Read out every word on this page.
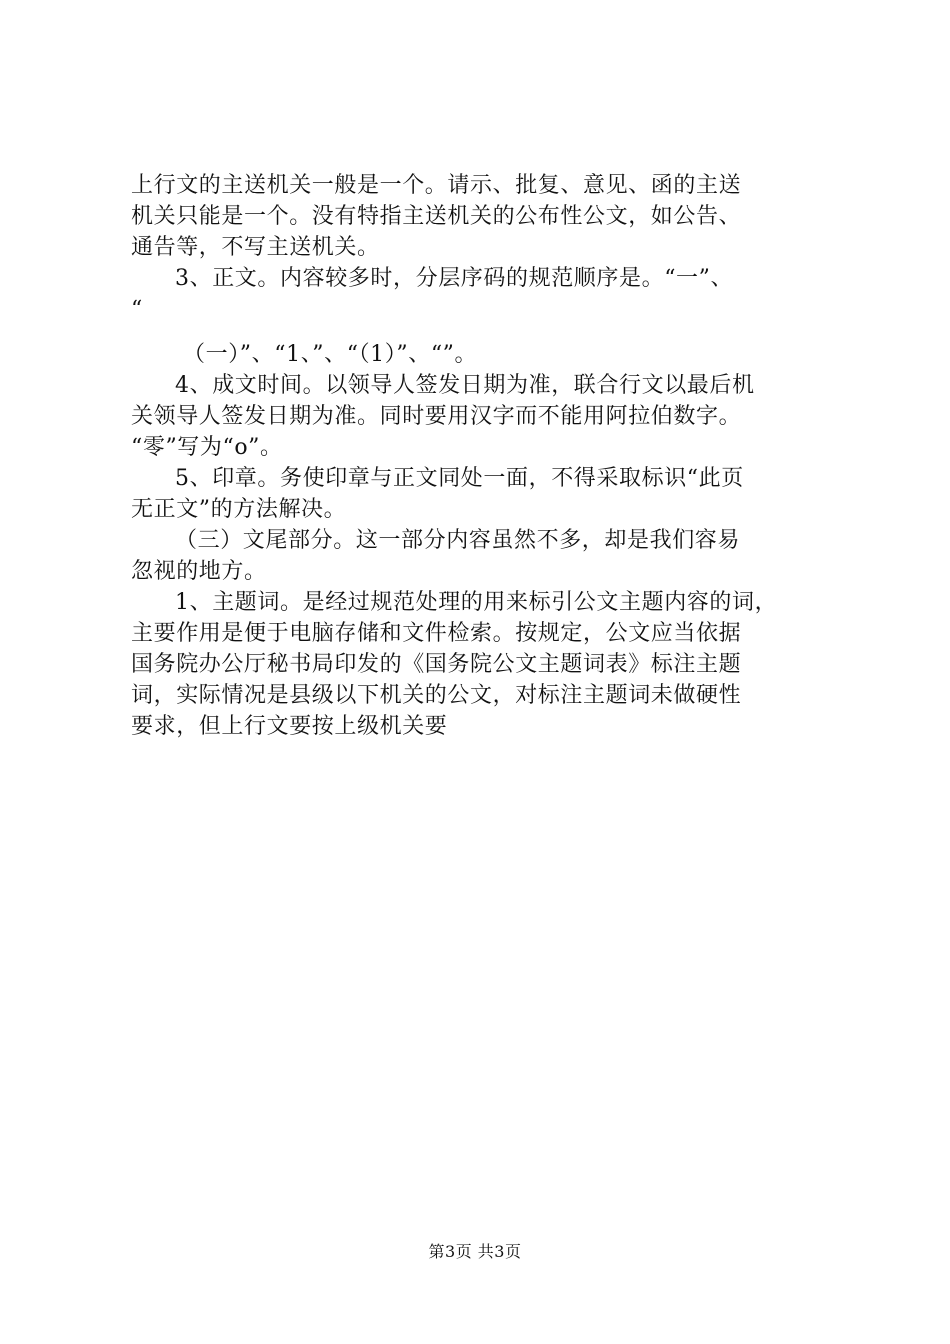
上行文的主送机关一般是一个。请示、批复、意见、函的主送
机关只能是一个。没有特指主送机关的公布性公文，如公告、
通告等，不写主送机关。
3、正文。内容较多时，分层序码的规范顺序是。“一”、
“
（一）”、“1、”、“（1）”、“”。
4、成文时间。以领导人签发日期为准，联合行文以最后机
关领导人签发日期为准。同时要用汉字而不能用阿拉伯数字。
“零”写为“o”。
5、印章。务使印章与正文同处一面，不得采取标识“此页
无正文”的方法解决。
（三）文尾部分。这一部分内容虽然不多，却是我们容易
忽视的地方。
1、主题词。是经过规范处理的用来标引公文主题内容的词，
主要作用是便于电脑存储和文件检索。按规定，公文应当依据
国务院办公厅秘书局印发的《国务院公文主题词表》标注主题
词，实际情况是县级以下机关的公文，对标注主题词未做硬性
要求，但上行文要按上级机关要
第3页 共3页
